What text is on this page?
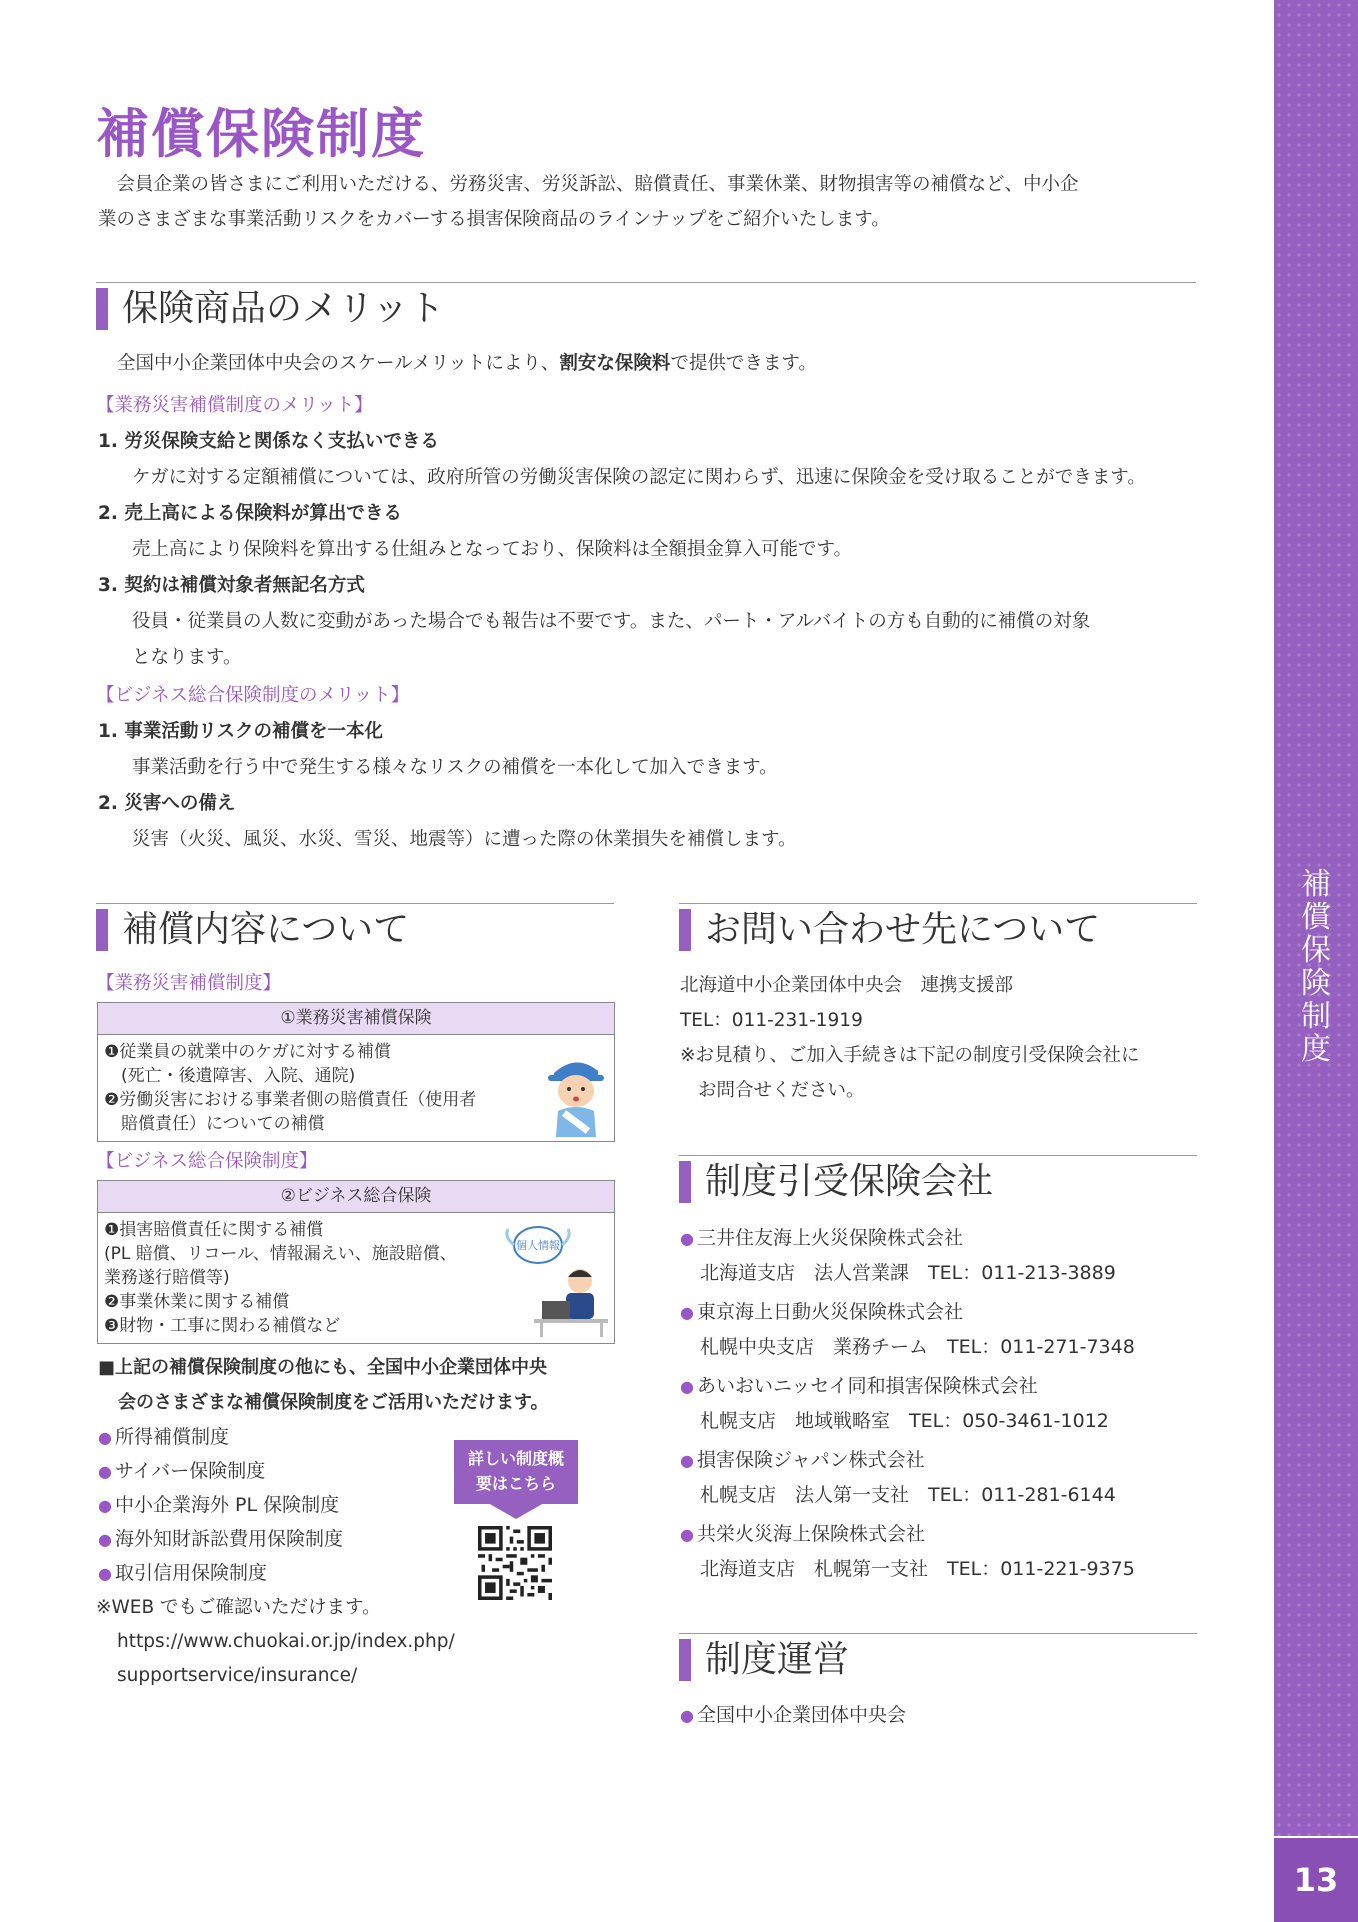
補償保険制度
13
補償保険制度
　会員企業の皆さまにご利用いただける、労務災害、労災訴訟、賠償責任、事業休業、財物損害等の補償など、中小企
業のさまざまな事業活動リスクをカバーする損害保険商品のラインナップをご紹介いたします。
保険商品のメリット
全国中小企業団体中央会のスケールメリットにより、割安な保険料で提供できます。
【業務災害補償制度のメリット】
1. 労災保険支給と関係なく支払いできる
ケガに対する定額補償については、政府所管の労働災害保険の認定に関わらず、迅速に保険金を受け取ることができます。
2. 売上高による保険料が算出できる
売上高により保険料を算出する仕組みとなっており、保険料は全額損金算入可能です。
3. 契約は補償対象者無記名方式
役員・従業員の人数に変動があった場合でも報告は不要です。また、パート・アルバイトの方も自動的に補償の対象
となります。
【ビジネス総合保険制度のメリット】
1. 事業活動リスクの補償を一本化
事業活動を行う中で発生する様々なリスクの補償を一本化して加入できます。
2. 災害への備え
災害（火災、風災、水災、雪災、地震等）に遭った際の休業損失を補償します。
補償内容について
【業務災害補償制度】
①業務災害補償保険
❶従業員の就業中のケガに対する補償
　(死亡・後遺障害、入院、通院)
❷労働災害における事業者側の賠償責任（使用者
　賠償責任）についての補償
【ビジネス総合保険制度】
②ビジネス総合保険
❶損害賠償責任に関する補償
(PL 賠償、リコール、情報漏えい、施設賠償、
業務遂行賠償等)
❷事業休業に関する補償
❸財物・工事に関わる補償など
個人情報
■上記の補償保険制度の他にも、全国中小企業団体中央
会のさまざまな補償保険制度をご活用いただけます。
● 所得補償制度
● サイバー保険制度
● 中小企業海外 PL 保険制度
● 海外知財訴訟費用保険制度
● 取引信用保険制度
※WEB でもご確認いただけます。
https://www.chuokai.or.jp/index.php/
supportservice/insurance/
詳しい制度概
要はこちら
お問い合わせ先について
北海道中小企業団体中央会　連携支援部
TEL：011-231-1919
※お見積り、ご加入手続きは下記の制度引受保険会社に
お問合せください。
制度引受保険会社
● 三井住友海上火災保険株式会社
北海道支店　法人営業課　TEL：011-213-3889
● 東京海上日動火災保険株式会社
札幌中央支店　業務チーム　TEL：011-271-7348
● あいおいニッセイ同和損害保険株式会社
札幌支店　地域戦略室　TEL：050-3461-1012
● 損害保険ジャパン株式会社
札幌支店　法人第一支社　TEL：011-281-6144
● 共栄火災海上保険株式会社
北海道支店　札幌第一支社　TEL：011-221-9375
制度運営
● 全国中小企業団体中央会
